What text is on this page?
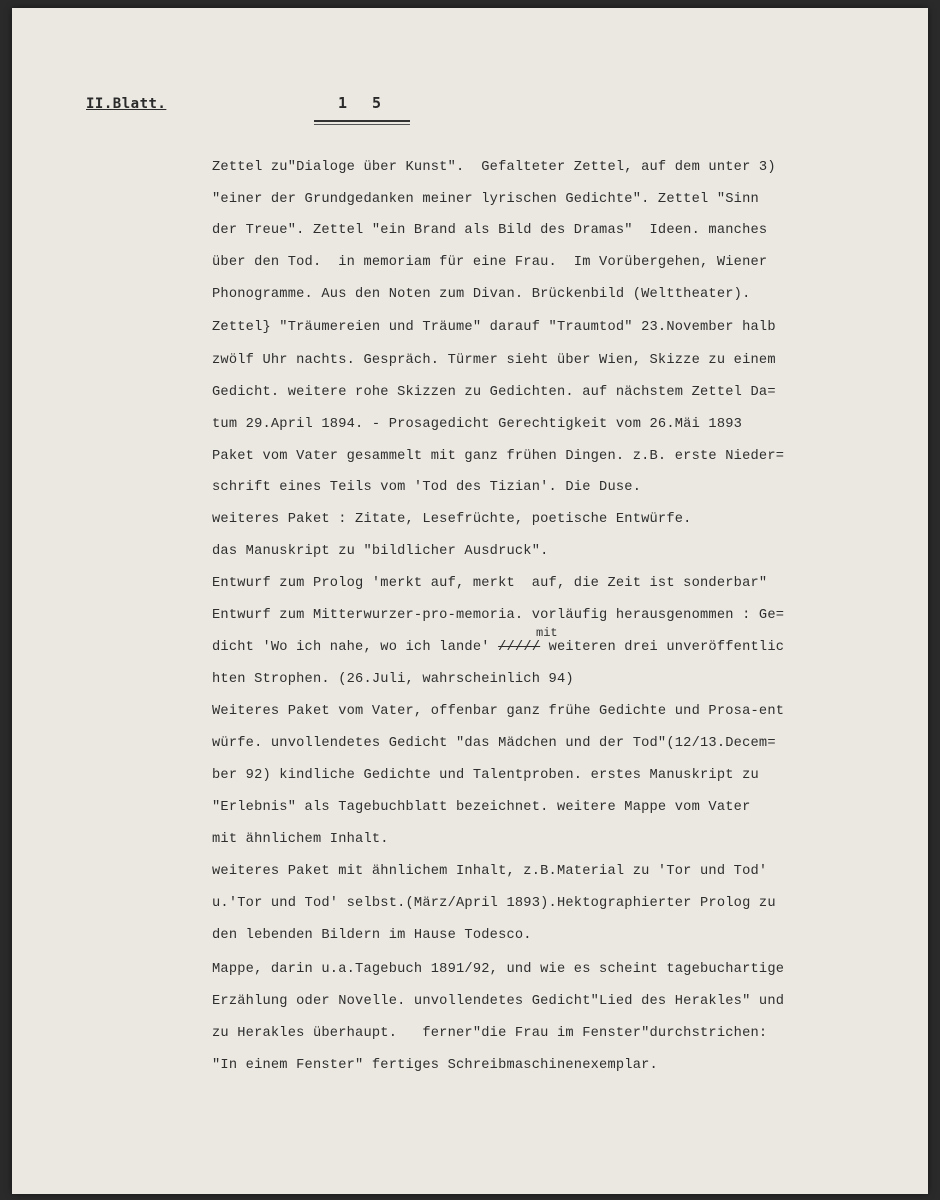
II.Blatt.	1 5
Zettel zu"Dialoge über Kunst".  Gefalteter Zettel, auf dem unter 3)
"einer der Grundgedanken meiner lyrischen Gedichte". Zettel "Sinn
der Treue". Zettel "ein Brand als Bild des Dramas"  Ideen. manches
über den Tod.  in memoriam für eine Frau.  Im Vorübergehen, Wiener
Phonogramme. Aus den Noten zum Divan. Brückenbild (Welttheater).
Zettel} "Träumereien und Träume" darauf "Traumtod" 23.November halb
zwölf Uhr nachts. Gespräch. Türmer sieht über Wien, Skizze zu einem
Gedicht. weitere rohe Skizzen zu Gedichten. auf nächstem Zettel Da=
tum 29.April 1894. - Prosagedicht Gerechtigkeit vom 26.Mäi 1893
Paket vom Vater gesammelt mit ganz frühen Dingen. z.B. erste Nieder=
schrift eines Teils vom 'Tod des Tizian'. Die Duse.
weiteres Paket : Zitate, Lesefrüchte, poetische Entwürfe.
das Manuskript zu "bildlicher Ausdruck".
Entwurf zum Prolog 'merkt auf, merkt  auf, die Zeit ist sonderbar"
Entwurf zum Mitterwurzer-pro-memoria. vorläufig herausgenommen : Ge=
mit
dicht 'Wo ich nahe, wo ich lande' ///// weiteren drei unveröffentlic
hten Strophen. (26.Juli, wahrscheinlich 94)
Weiteres Paket vom Vater, offenbar ganz frühe Gedichte und Prosa-ent
würfe. unvollendetes Gedicht "das Mädchen und der Tod"(12/13.Decem=
ber 92) kindliche Gedichte und Talentproben. erstes Manuskript zu
"Erlebnis" als Tagebuchblatt bezeichnet. weitere Mappe vom Vater
mit ähnlichem Inhalt.
weiteres Paket mit ähnlichem Inhalt, z.B.Material zu 'Tor und Tod'
u.'Tor und Tod' selbst.(März/April 1893).Hektographierter Prolog zu
den lebenden Bildern im Hause Todesco.
Mappe, darin u.a.Tagebuch 1891/92, und wie es scheint tagebuchartige
Erzählung oder Novelle. unvollendetes Gedicht"Lied des Herakles" und
zu Herakles überhaupt.   ferner"die Frau im Fenster"durchstrichen:
"In einem Fenster" fertiges Schreibmaschinenexemplar.
